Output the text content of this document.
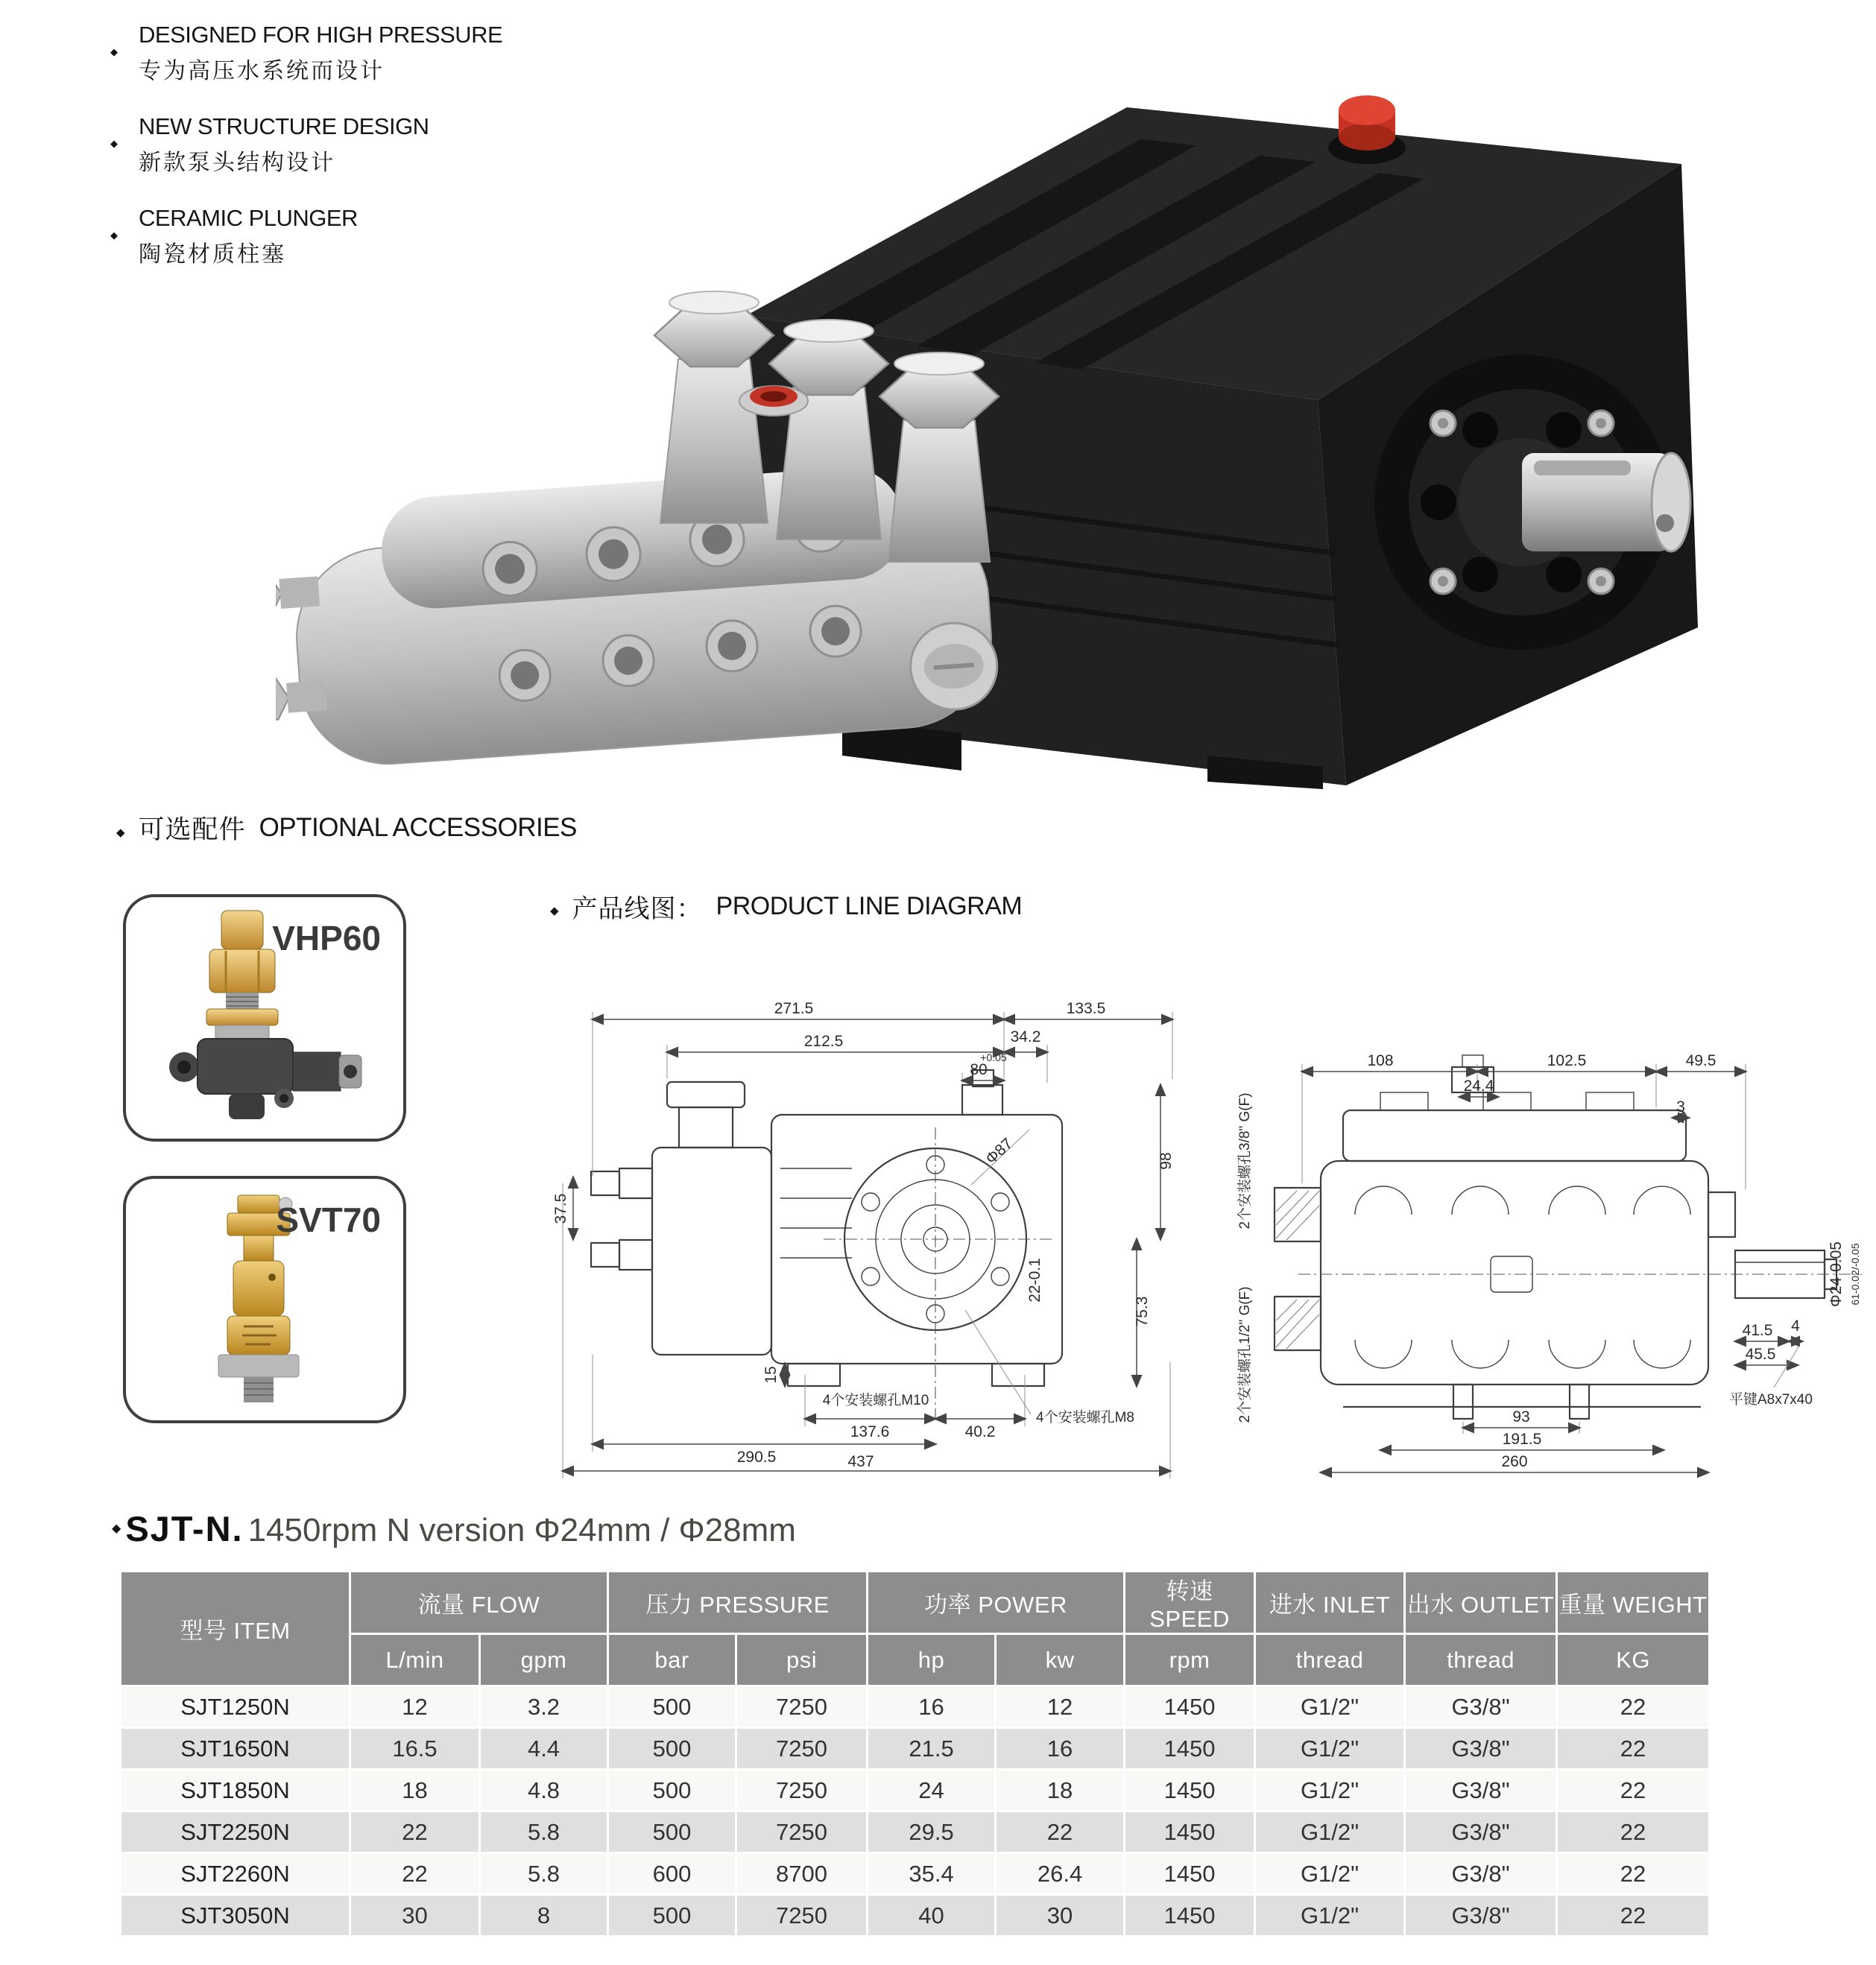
◆
DESIGNED FOR HIGH PRESSURE
专为高压水系统而设计
◆
NEW STRUCTURE DESIGN
新款泵头结构设计
◆
CERAMIC PLUNGER
陶瓷材质柱塞
◆
可选配件 OPTIONAL ACCESSORIES
VHP60
SVT70
◆
产品线图： PRODUCT LINE DIAGRAM
271.5	133.5
212.5	34.2
80
+0.05
98
75.3
37.5
15
Φ87
22-0.1
4个安装螺孔M10
137.6	40.2
4个安装螺孔M8
290.5	437
108	102.5	49.5
24.4
3
2个安装螺孔3/8" G(F)
2个安装螺孔1/2" G(F)
Φ24-0.05 61-0.02/-0.05
41.5 4
45.5
平键A8x7x40
93
191.5
260
◆
SJT-N. 1450rpm N version Φ24mm / Φ28mm
型号 ITEM	流量 FLOW		压力 PRESSURE		功率 POWER		转速 SPEED	进水 INLET	出水 OUTLET	重量 WEIGHT
	L/min	gpm	bar	psi	hp	kw	rpm	thread	thread	KG
SJT1250N	12	3.2	500	7250	16	12	1450	G1/2"	G3/8"	22
SJT1650N	16.5	4.4	500	7250	21.5	16	1450	G1/2"	G3/8"	22
SJT1850N	18	4.8	500	7250	24	18	1450	G1/2"	G3/8"	22
SJT2250N	22	5.8	500	7250	29.5	22	1450	G1/2"	G3/8"	22
SJT2260N	22	5.8	600	8700	35.4	26.4	1450	G1/2"	G3/8"	22
SJT3050N	30	8	500	7250	40	30	1450	G1/2"	G3/8"	22
